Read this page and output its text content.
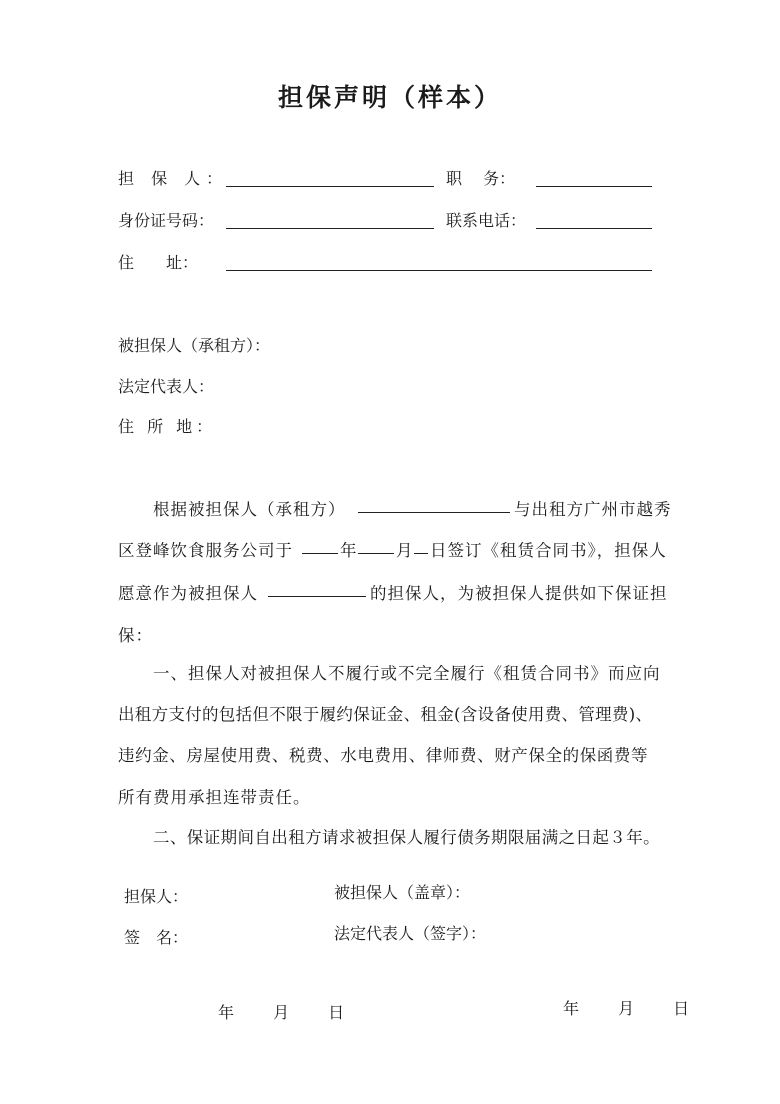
担保声明（样本）
担 保 人：	职　 务：
身份证号码：	联系电话：
住　　址：
被担保人（承租方）：
法定代表人：
住 所 地：
根据被担保人（承租方）	与出租方广州市越秀
区登峰饮食服务公司于	年 月 日签订《租赁合同书》，担保人
愿意作为被担保人	的担保人，为被担保人提供如下保证担
保：
一、担保人对被担保人不履行或不完全履行《租赁合同书》而应向
出租方支付的包括但不限于履约保证金、租金(含设备使用费、管理费)、
违约金、房屋使用费、税费、水电费用、律师费、财产保全的保函费等
所有费用承担连带责任。
二、保证期间自出租方请求被担保人履行债务期限届满之日起３年。
担保人：	被担保人（盖章）：
签　名：	法定代表人（签字）：
年　 月　 日	年　 月　 日
